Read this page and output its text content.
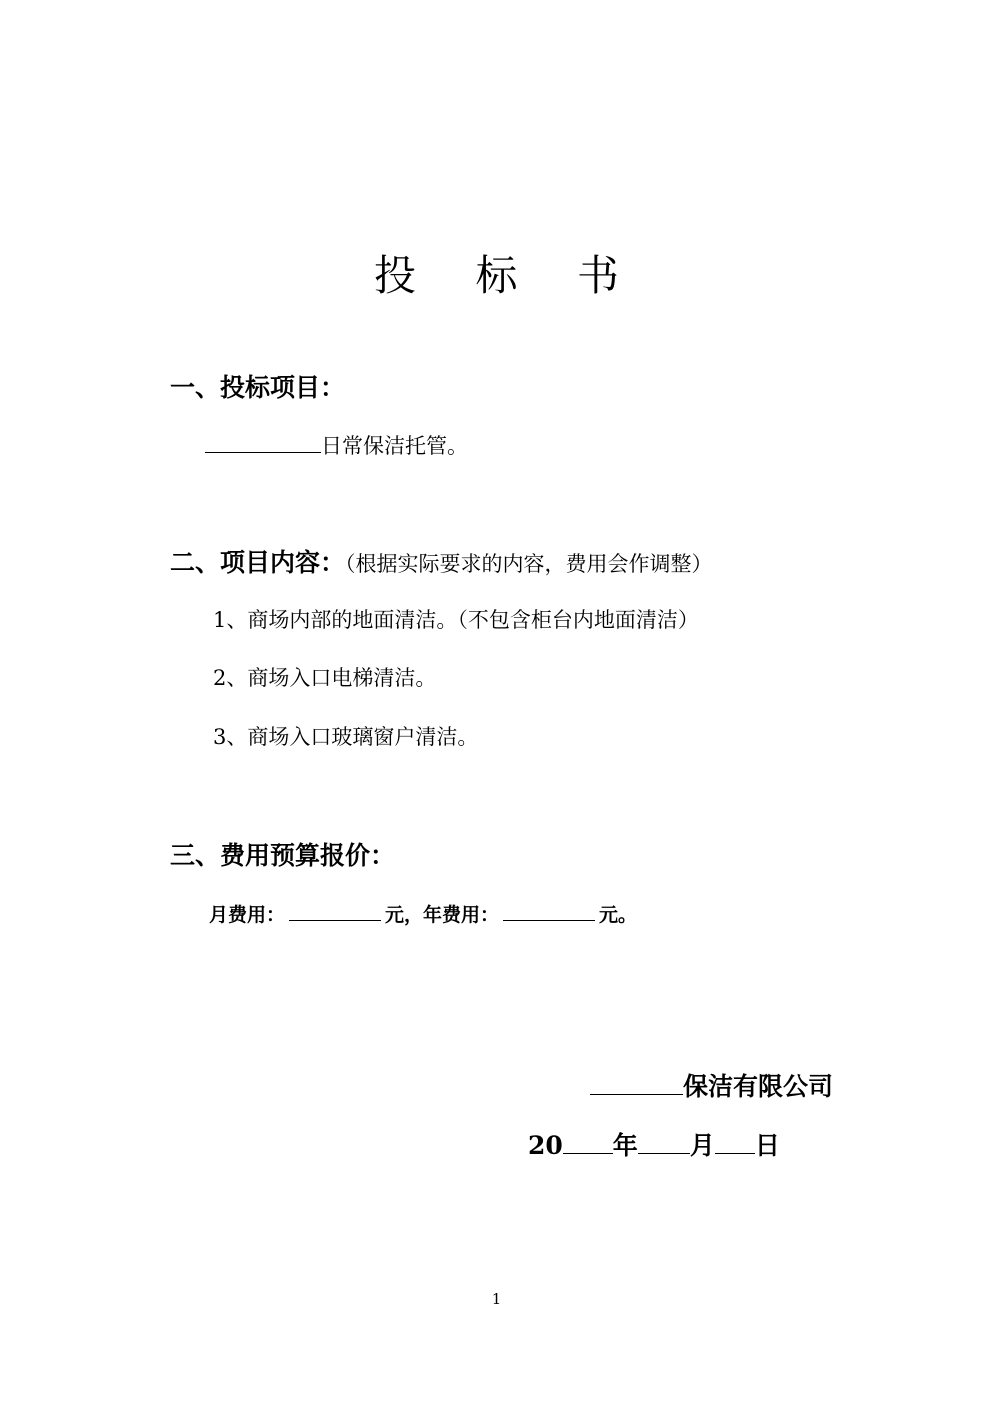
投 标 书
一、投标项目：
日常保洁托管。
二、项目内容：（根据实际要求的内容，费用会作调整）
1、商场内部的地面清洁。（不包含柜台内地面清洁）
2、商场入口电梯清洁。
3、商场入口玻璃窗户清洁。
三、费用预算报价：
月费用：	元，年费用：	元。
保洁有限公司
20 年 月 日
1
